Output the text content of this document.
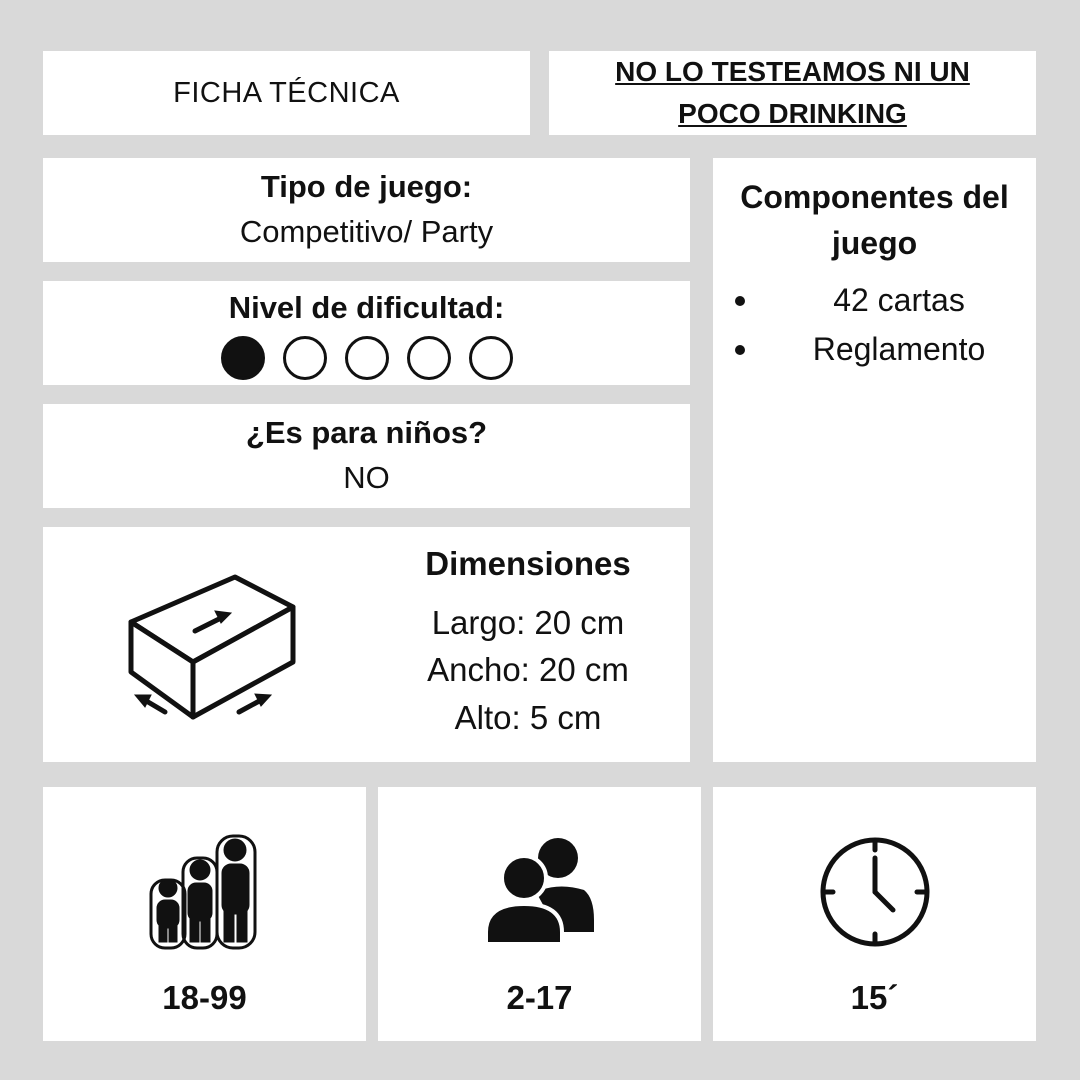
FICHA TÉCNICA
NO LO TESTEAMOS NI UN POCO DRINKING
Tipo de juego:
Competitivo/ Party
Nivel de dificultad:
¿Es para niños?
NO
Dimensiones
Largo: 20 cm
Ancho: 20 cm
Alto: 5 cm
Componentes del juego
42 cartas
Reglamento
18-99	2-17	15´
